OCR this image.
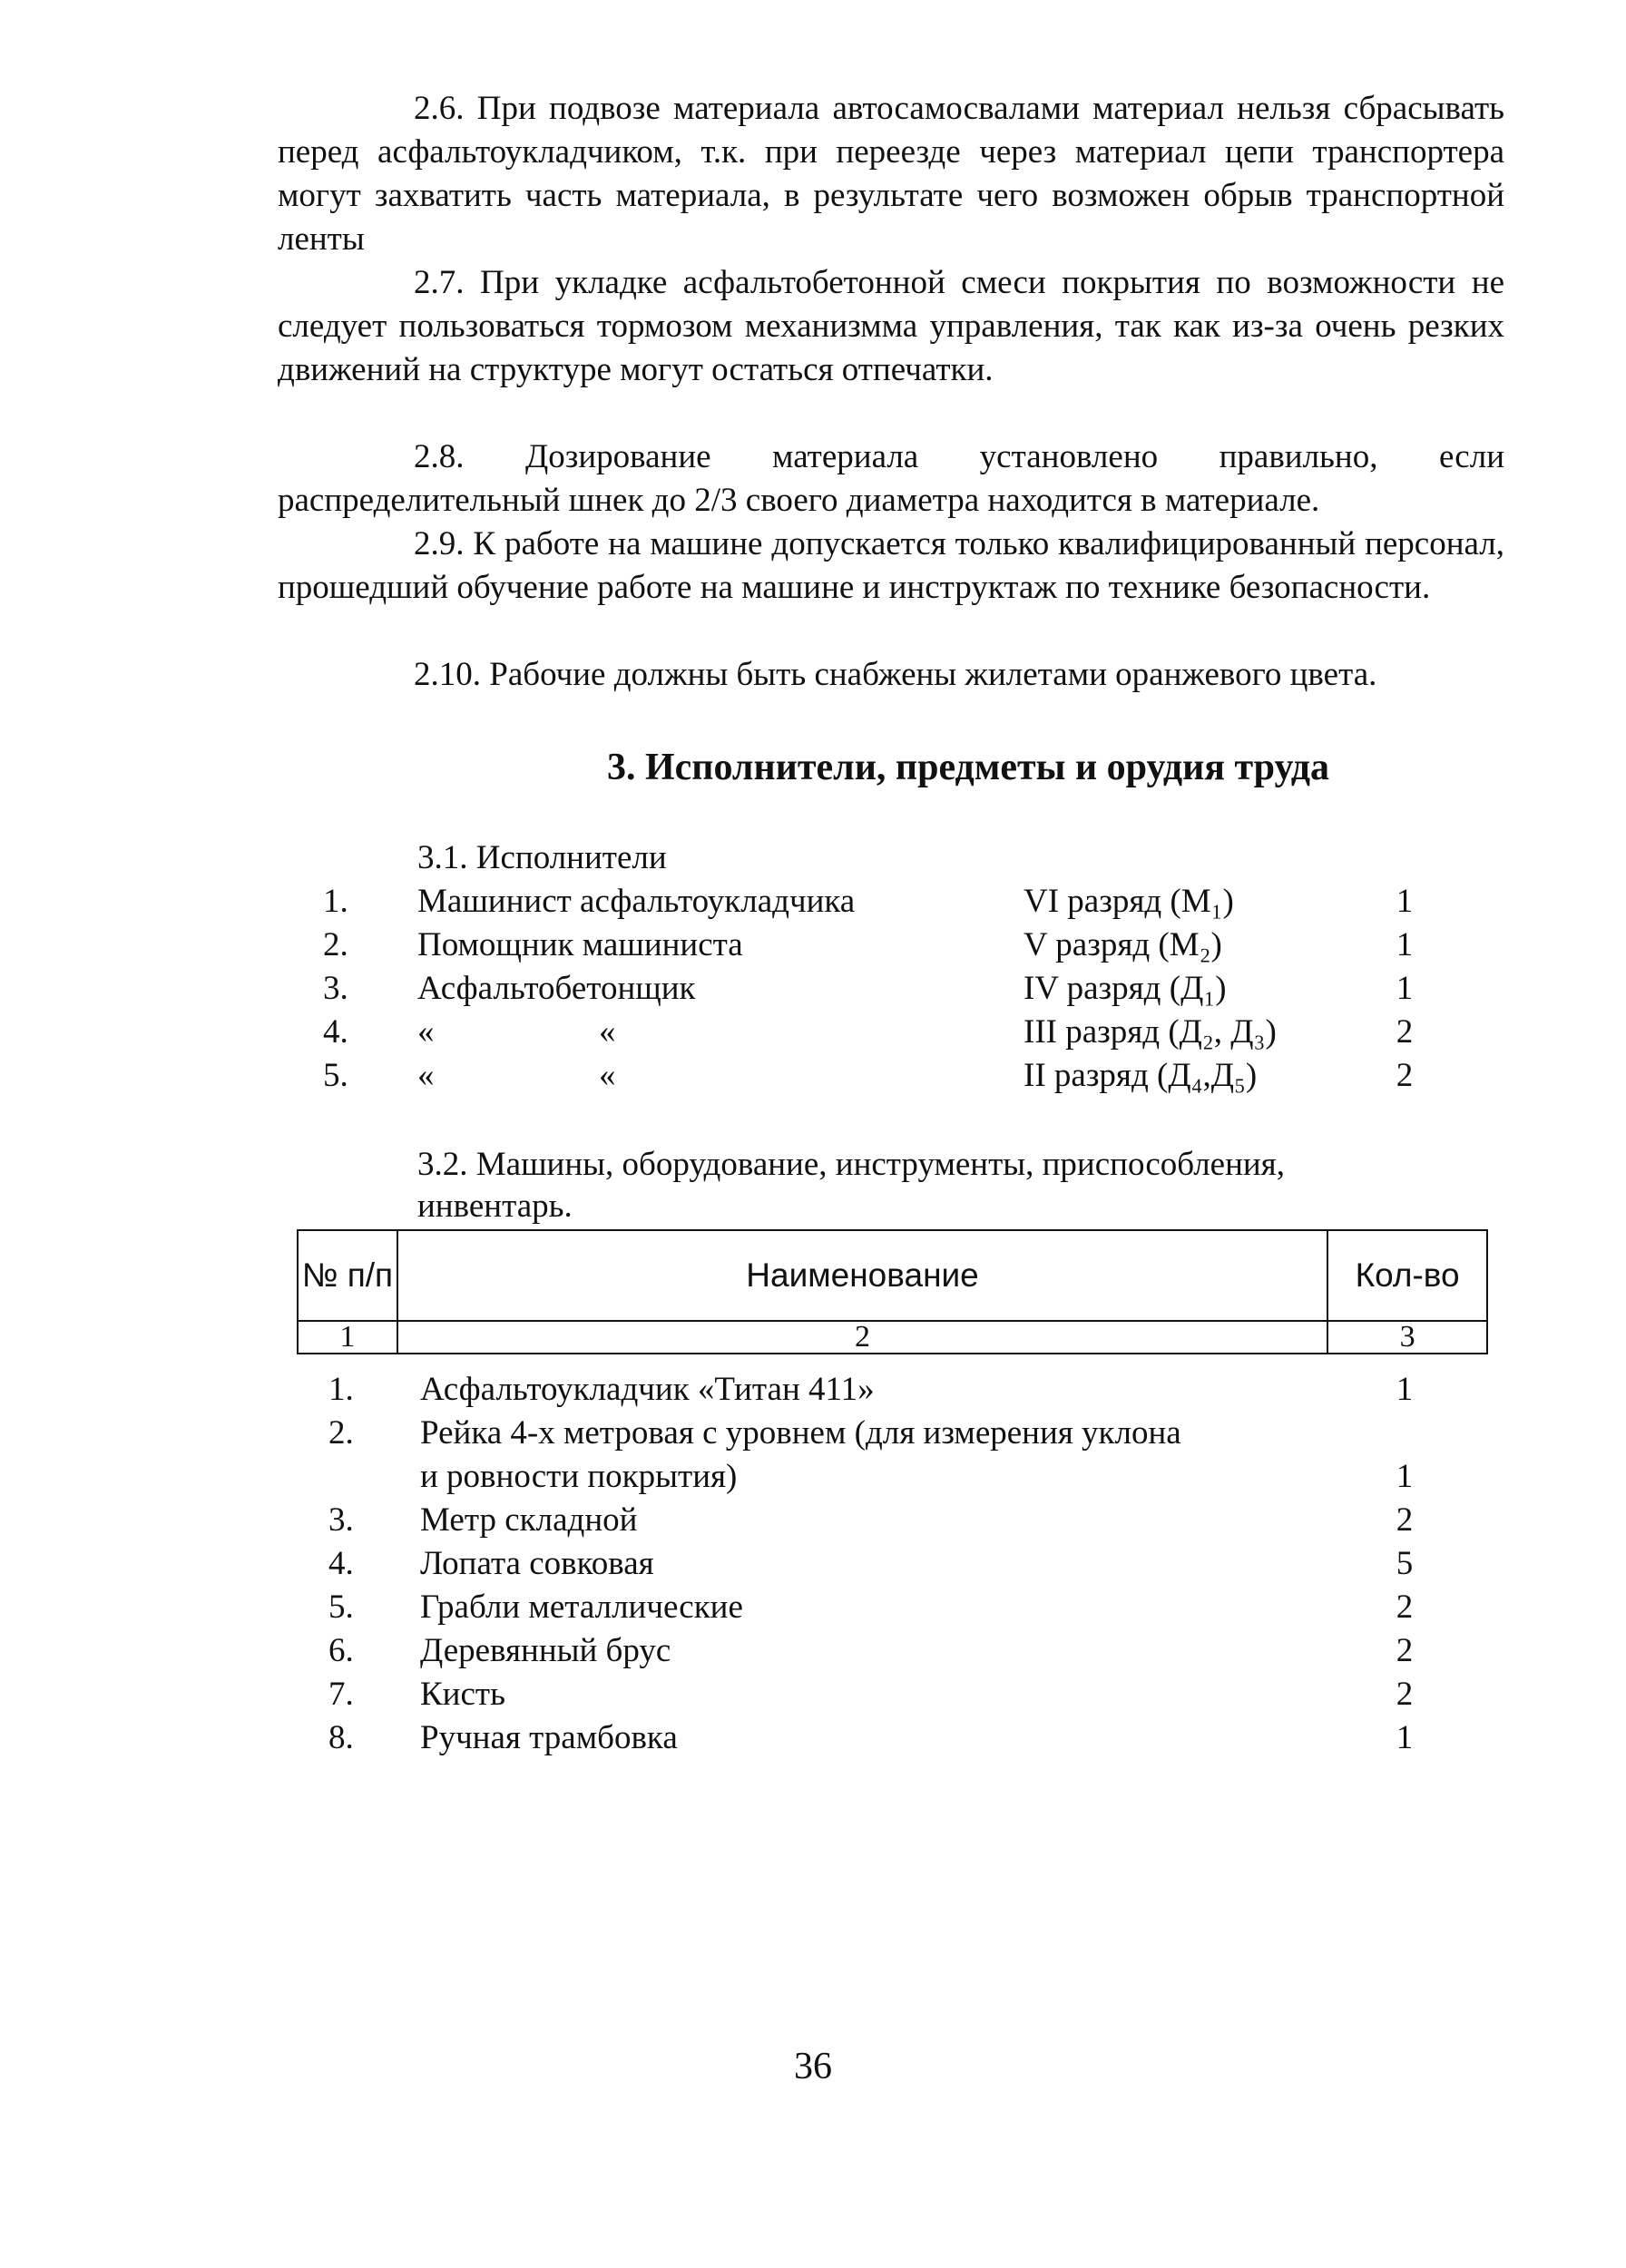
2.6. При подвозе материала автосамосвалами материал нельзя сбрасывать перед асфальтоукладчиком, т.к. при переезде через материал цепи транспортера могут захватить часть материала, в результате чего возможен обрыв транспортной ленты

2.7. При укладке асфальтобетонной смеси покрытия по возможности не следует пользоваться тормозом механизмма управления, так как из-за очень резких движений на структуре могут остаться отпечатки.

2.8. Дозирование материала установлено правильно, если распределительный шнек до 2/3 своего диаметра находится в материале.

2.9. К работе на машине допускается только квалифицированный персонал, прошедший обучение работе на машине и инструктаж по технике безопасности.

2.10. Рабочие должны быть снабжены жилетами оранжевого цвета.

3. Исполнители, предметы и орудия труда

3.1. Исполнители

1.	Машинист асфальтоукладчика	VI разряд (М₁)	1
2.	Помощник машиниста	V разряд (М₂)	1
3.	Асфальтобетонщик	IV разряд (Д₁)	1
4.	«	«	III разряд (Д₂, Д₃)	2
5.	«	«	II разряд (Д₄,Д₅)	2

3.2. Машины, оборудование, инструменты, приспособления,

инвентарь.

№ п/п	Наименование	Кол-во
1	2	3
1.	Асфальтоукладчик «Титан 411»	1
2.	Рейка 4-х метровая с уровнем (для измерения уклона
и ровности покрытия)	1
3.	Метр складной	2
4.	Лопата совковая	5
5.	Грабли металлические	2
6.	Деревянный брус	2
7.	Кисть	2
8.	Ручная трамбовка	1
36
